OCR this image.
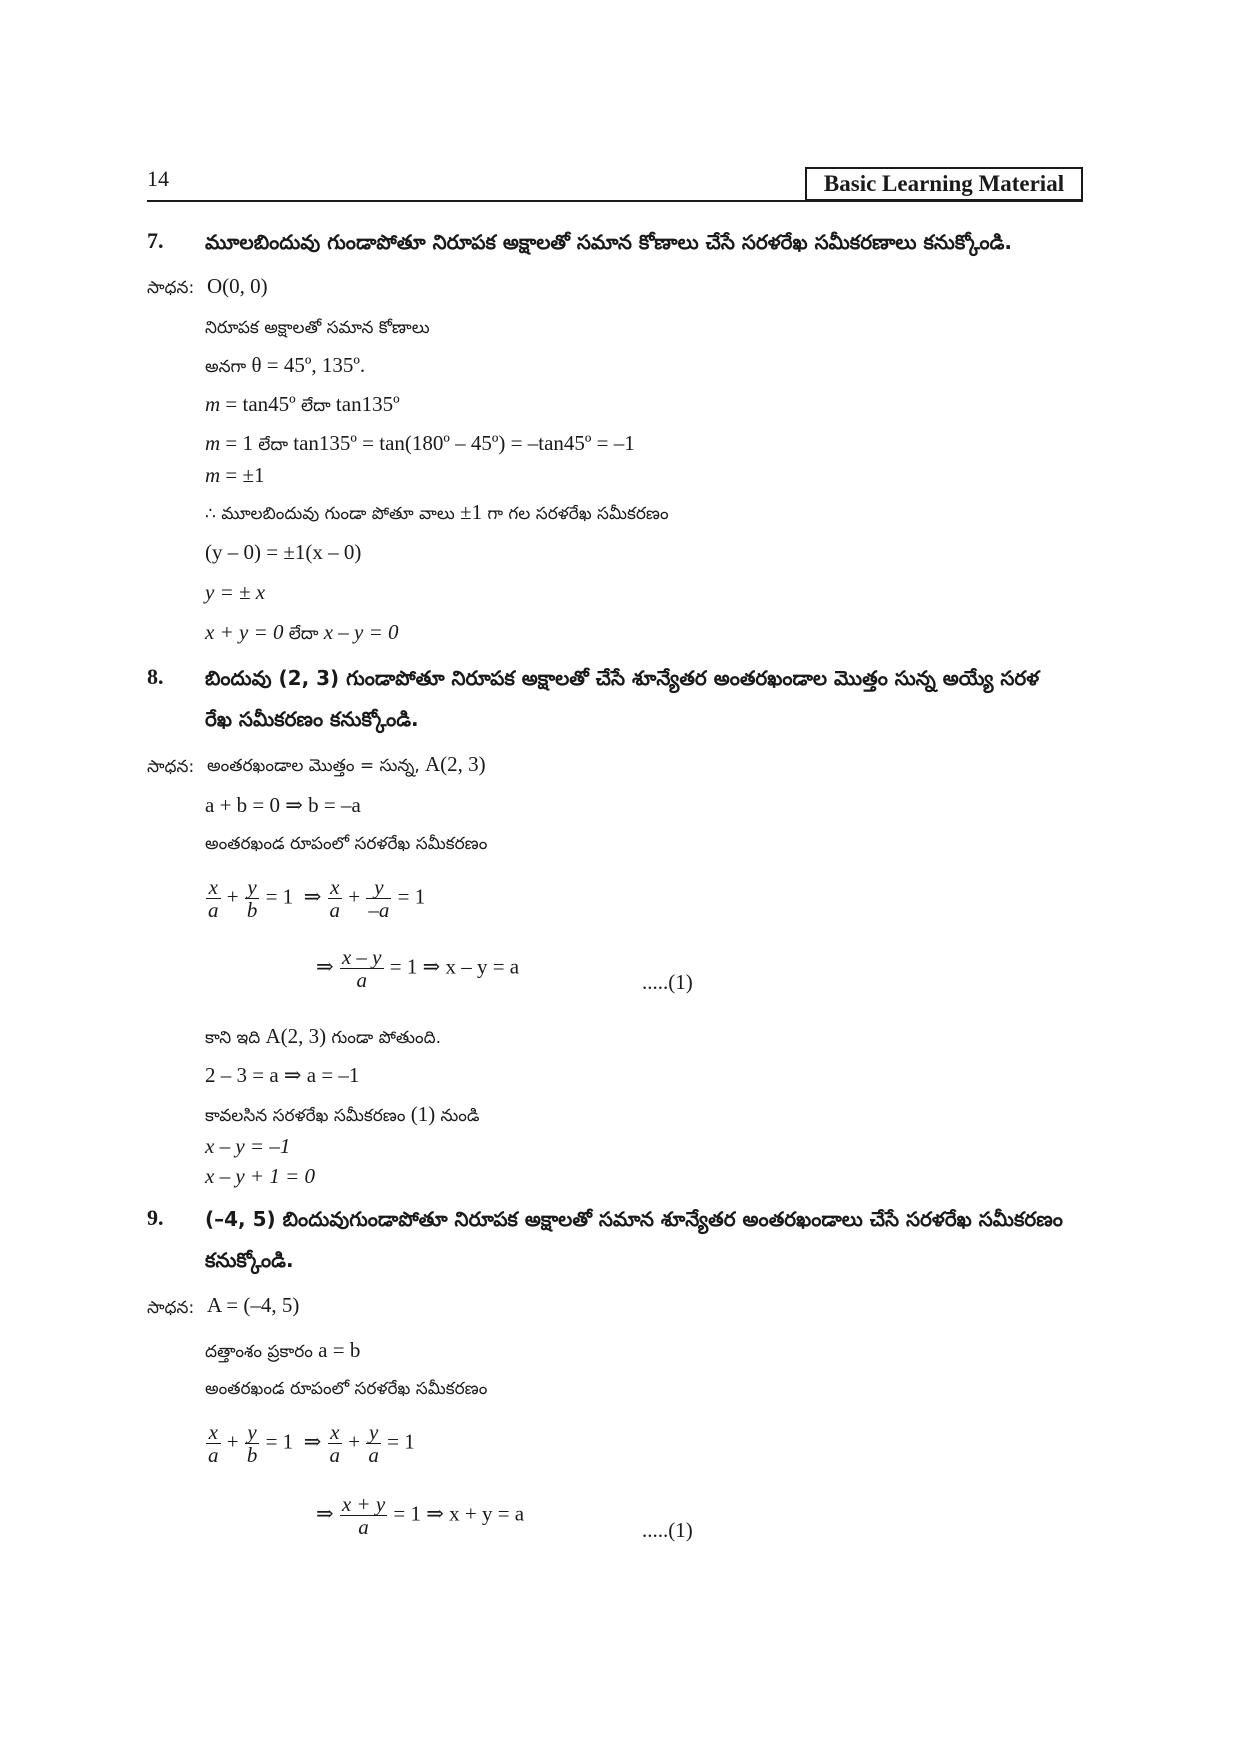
14	Basic Learning Material
7. మూలబిందువు గుండాపోతూ నిరూపక అక్షాలతో సమాన కోణాలు చేసే సరళరేఖ సమీకరణాలు కనుక్కోండి.
సాధన: O(0, 0)
నిరూపక అక్షాలతో సమాన కోణాలు
అనగా θ = 45º, 135º.
m = tan45º లేదా tan135º
m = 1 లేదా tan135º = tan(180º – 45º) = –tan45º = –1
m = ±1
∴ మూలబిందువు గుండా పోతూ వాలు ±1 గా గల సరళరేఖ సమీకరణం
(y – 0) = ±1(x – 0)
y = ± x
x + y = 0 లేదా x – y = 0
8. బిందువు (2, 3) గుండాపోతూ నిరూపక అక్షాలతో చేసే శూన్యేతర అంతరఖండాల మొత్తం సున్న అయ్యే సరళ
రేఖ సమీకరణం కనుక్కోండి.
సాధన: అంతరఖండాల మొత్తం = సున్న, A(2, 3)
a + b = 0 ⇒ b = –a
అంతరఖండ రూపంలో సరళరేఖ సమీకరణం
$\frac{x}{a} + \frac{y}{b} = 1$ ⇒ $\frac{x}{a} + \frac{y}{-a} = 1$
⇒ $\frac{x - y}{a} = 1$ ⇒ x – y = a
.....(1)
కాని ఇది A(2, 3) గుండా పోతుంది.
2 – 3 = a ⇒ a = –1
కావలసిన సరళరేఖ సమీకరణం (1) నుండి
x – y = –1
x – y + 1 = 0
9. (–4, 5) బిందువుగుండాపోతూ నిరూపక అక్షాలతో సమాన శూన్యేతర అంతరఖండాలు చేసే సరళరేఖ సమీకరణం
కనుక్కోండి.
సాధన: A = (–4, 5)
దత్తాంశం ప్రకారం a = b
అంతరఖండ రూపంలో సరళరేఖ సమీకరణం
$\frac{x}{a} + \frac{y}{b} = 1$ ⇒ $\frac{x}{a} + \frac{y}{a} = 1$
⇒ $\frac{x + y}{a} = 1$ ⇒ x + y = a
.....(1)
